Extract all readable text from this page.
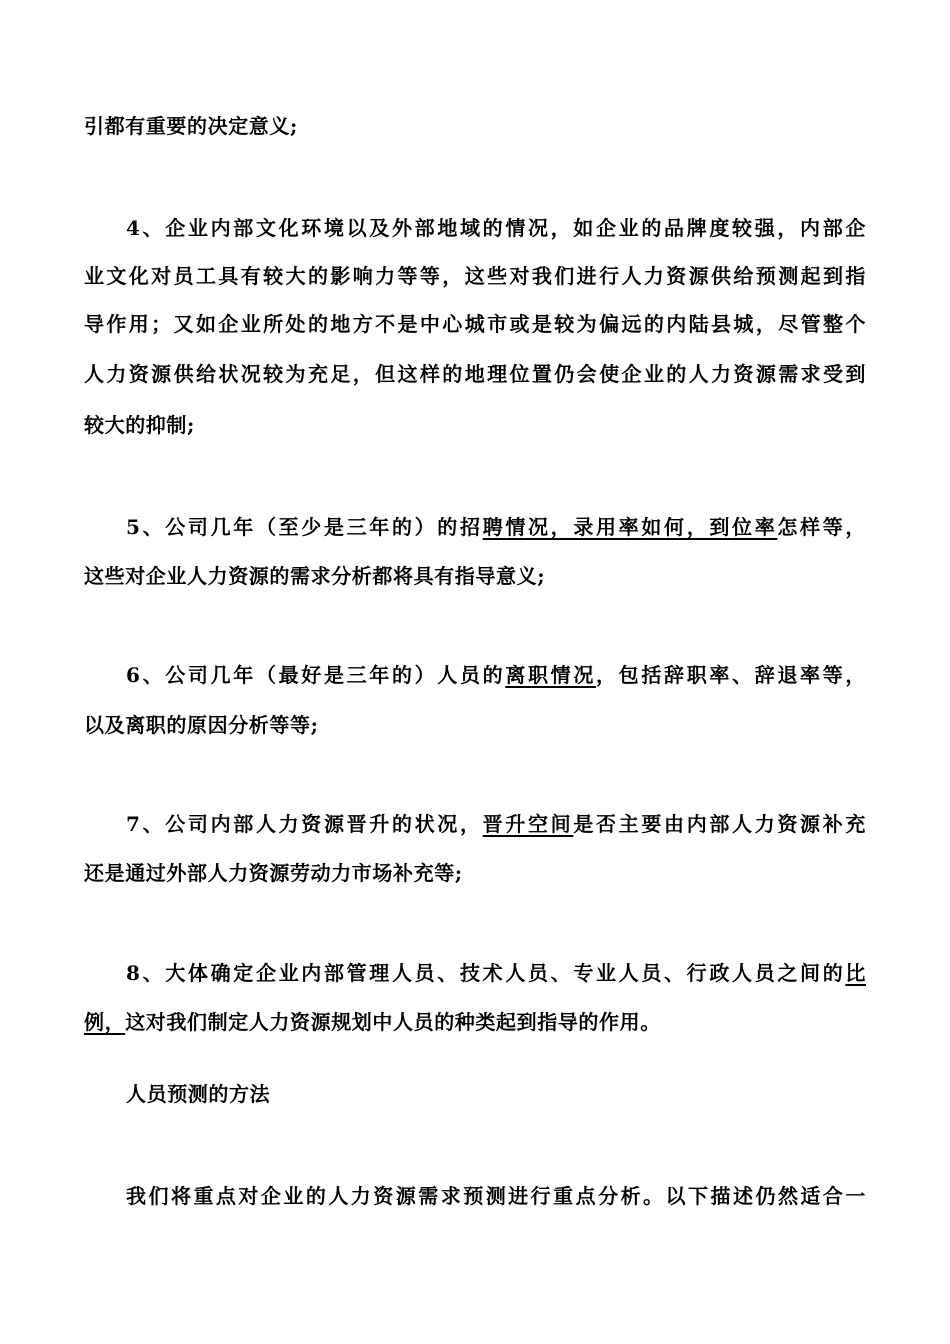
引都有重要的决定意义;
4、企业内部文化环境以及外部地域的情况，如企业的品牌度较强，内部企
业文化对员工具有较大的影响力等等，这些对我们进行人力资源供给预测起到指
导作用；又如企业所处的地方不是中心城市或是较为偏远的内陆县城，尽管整个
人力资源供给状况较为充足，但这样的地理位置仍会使企业的人力资源需求受到
较大的抑制;
5、公司几年（至少是三年的）的招聘情况，录用率如何，到位率怎样等，
这些对企业人力资源的需求分析都将具有指导意义;
6、公司几年（最好是三年的）人员的离职情况，包括辞职率、辞退率等，
以及离职的原因分析等等;
7、公司内部人力资源晋升的状况，晋升空间是否主要由内部人力资源补充
还是通过外部人力资源劳动力市场补充等;
8、大体确定企业内部管理人员、技术人员、专业人员、行政人员之间的比
例，这对我们制定人力资源规划中人员的种类起到指导的作用。
人员预测的方法
我们将重点对企业的人力资源需求预测进行重点分析。以下描述仍然适合一
